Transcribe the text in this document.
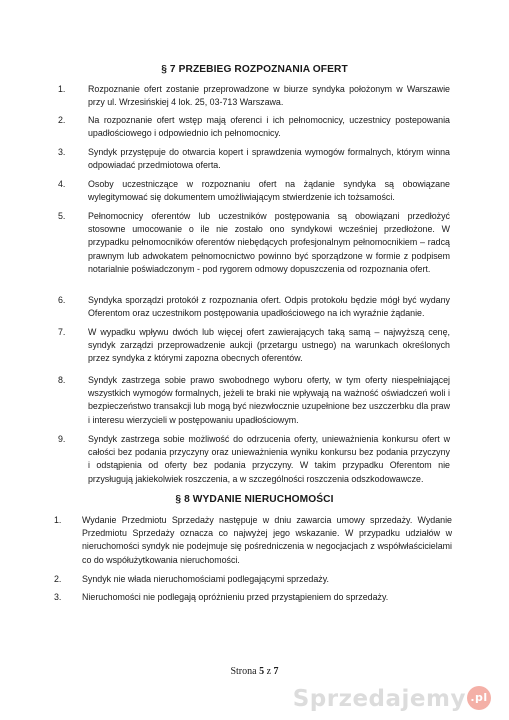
§ 7 PRZEBIEG ROZPOZNANIA OFERT
1.	Rozpoznanie ofert zostanie przeprowadzone w biurze syndyka położonym w Warszawie przy ul. Wrzesińskiej 4 lok. 25, 03-713 Warszawa.
2.	Na rozpoznanie ofert wstęp mają oferenci i ich pełnomocnicy, uczestnicy postepowania upadłościowego i odpowiednio ich pełnomocnicy.
3.	Syndyk przystępuje do otwarcia kopert i sprawdzenia wymogów formalnych, którym winna odpowiadać przedmiotowa oferta.
4.	Osoby uczestniczące w rozpoznaniu ofert na żądanie syndyka są obowiązane wylegitymować się dokumentem umożliwiającym stwierdzenie ich tożsamości.
5.	Pełnomocnicy oferentów lub uczestników postępowania są obowiązani przedłożyć stosowne umocowanie o ile nie zostało ono syndykowi wcześniej przedłożone. W przypadku pełnomocników oferentów niebędących profesjonalnym pełnomocnikiem – radcą prawnym lub adwokatem pełnomocnictwo powinno być sporządzone w formie z podpisem notarialnie poświadczonym - pod rygorem odmowy dopuszczenia od rozpoznania ofert.
6.	Syndyka sporządzi protokół z rozpoznania ofert. Odpis protokołu będzie mógł być wydany Oferentom oraz uczestnikom postępowania upadłościowego na ich wyraźnie żądanie.
7.	W wypadku wpływu dwóch lub więcej ofert zawierających taką samą – najwyższą cenę, syndyk zarządzi przeprowadzenie aukcji (przetargu ustnego) na warunkach określonych przez syndyka z którymi zapozna obecnych oferentów.
8.	Syndyk zastrzega sobie prawo swobodnego wyboru oferty, w tym oferty niespełniającej wszystkich wymogów formalnych, jeżeli te braki nie wpływają na ważność oświadczeń woli i bezpieczeństwo transakcji lub mogą być niezwłocznie uzupełnione bez uszczerbku dla praw i interesu wierzycieli w postępowaniu upadłościowym.
9.	Syndyk zastrzega sobie możliwość do odrzucenia oferty, unieważnienia konkursu ofert w całości bez podania przyczyny oraz unieważnienia wyniku konkursu bez podania przyczyny i odstąpienia od oferty bez podania przyczyny. W takim przypadku Oferentom nie przysługują jakiekolwiek roszczenia, a w szczególności roszczenia odszkodowawcze.
§ 8 WYDANIE NIERUCHOMOŚCI
1.	Wydanie Przedmiotu Sprzedaży następuje w dniu zawarcia umowy sprzedaży. Wydanie Przedmiotu Sprzedaży oznacza co najwyżej jego wskazanie. W przypadku udziałów w nieruchomości syndyk nie podejmuje się pośredniczenia w negocjacjach z współwłaścicielami co do współużytkowania nieruchomości.
2.	Syndyk nie włada nieruchomościami podlegającymi sprzedaży.
3.	Nieruchomości nie podlegają opróżnieniu przed przystąpieniem do sprzedaży.
Strona 5 z 7
Sprzedajemy .pl
